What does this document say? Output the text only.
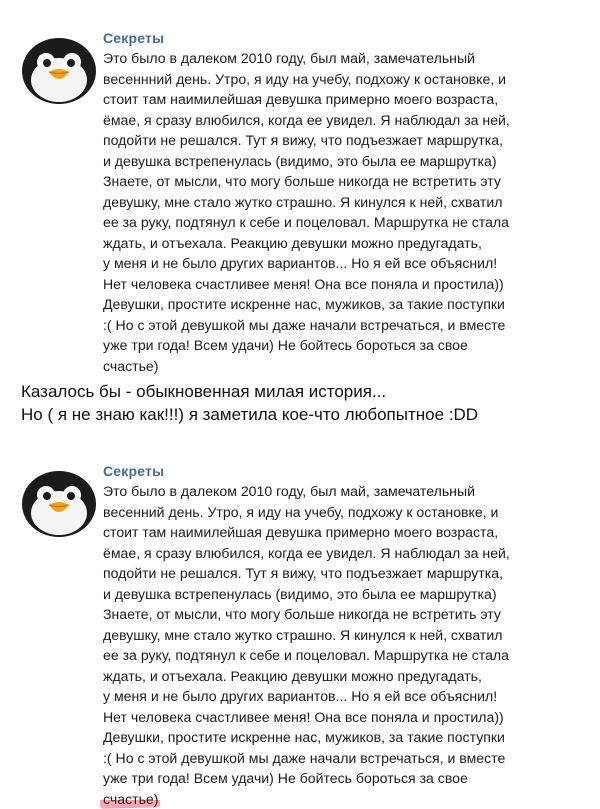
Секреты
Это было в далеком 2010 году, был май, замечательный
весеннний день. Утро, я иду на учебу, подхожу к остановке, и
стоит там наимилейшая девушка примерно моего возраста,
ёмае, я сразу влюбился, когда ее увидел. Я наблюдал за ней,
подойти не решался. Тут я вижу, что подъезжает маршрутка,
и девушка встрепенулась (видимо, это была ее маршрутка)
Знаете, от мысли, что могу больше никогда не встретить эту
девушку, мне стало жутко страшно. Я кинулся к ней, схватил
ее за руку, подтянул к себе и поцеловал. Маршрутка не стала
ждать, и отъехала. Реакцию девушки можно предугадать,
у меня и не было других вариантов... Но я ей все объяснил!
Нет человека счастливее меня! Она все поняла и простила))
Девушки, простите искренне нас, мужиков, за такие поступки
:( Но с этой девушкой мы даже начали встречаться, и вместе
уже три года! Всем удачи) Не бойтесь бороться за свое
счастье)
Казалось бы - обыкновенная милая история...
Но ( я не знаю как!!!) я заметила кое-что любопытное :DD
Секреты
Это было в далеком 2010 году, был май, замечательный
весенний день. Утро, я иду на учебу, подхожу к остановке, и
стоит там наимилейшая девушка примерно моего возраста,
ёмае, я сразу влюбился, когда ее увидел. Я наблюдал за ней,
подойти не решался. Тут я вижу, что подъезжает маршрутка,
и девушка встрепенулась (видимо, это была ее маршрутка)
Знаете, от мысли, что могу больше никогда не встретить эту
девушку, мне стало жутко страшно. Я кинулся к ней, схватил
ее за руку, подтянул к себе и поцеловал. Маршрутка не стала
ждать, и отъехала. Реакцию девушки можно предугадать,
у меня и не было других вариантов... Но я ей все объяснил!
Нет человека счастливее меня! Она все поняла и простила))
Девушки, простите искренне нас, мужиков, за такие поступки
:( Но с этой девушкой мы даже начали встречаться, и вместе
уже три года! Всем удачи) Не бойтесь бороться за свое
счастье)
